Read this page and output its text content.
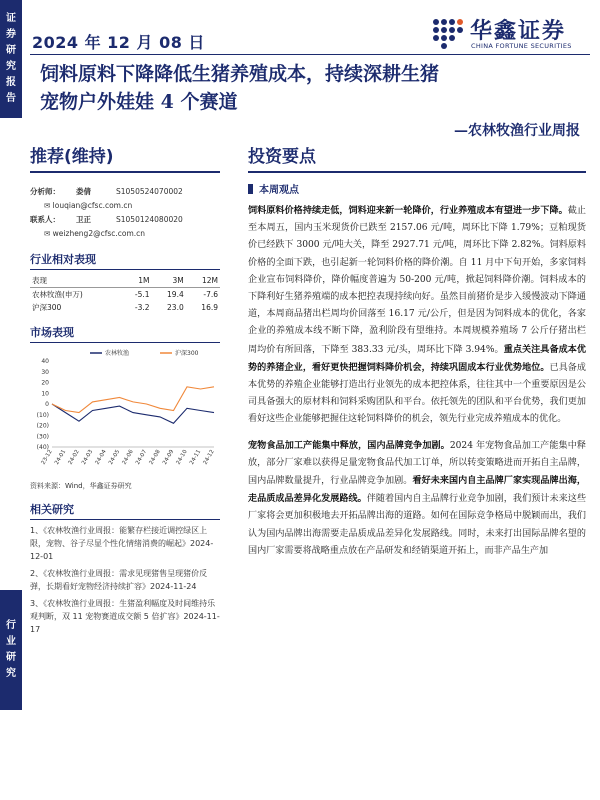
证
券
研
究
报
告
行
业
研
究
2024 年 12 月 08 日	华鑫证券
CHINA FORTUNE SECURITIES
饲料原料下降降低生猪养殖成本，持续深耕生猪
宠物户外娃娃 4 个赛道
—农林牧渔行业周报
推荐(维持)
分析师：	娄倩	S1050524070002
✉ louqian@cfsc.com.cn
联系人：	卫正	S1050124080020
✉ weizheng2@cfsc.com.cn
行业相对表现
表现	1M	3M	12M
农林牧渔(申万)	-5.1	19.4	-7.6
沪深300	-3.2	23.0	16.9
市场表现
(40)
(30)
(20)
(10)
0
10
20
30
40
23-12 24-01 24-02 24-03 24-04 24-05 24-06 24-07 24-08 24-09 24-10 24-11 24-12
农林牧渔	沪深300
资料来源：Wind，华鑫证券研究
相关研究

1、《农林牧渔行业周报：能繁存栏接近调控绿区上限，宠物、谷子尽显个性化情绪消费的崛起》2024-12-01

2、《农林牧渔行业周报：需求见现猪售呈现猪价反弹，长期看好宠物经济持续扩容》2024-11-24

3、《农林牧渔行业周报：生猪盈利幅度及时间维持乐观判断，双 11 宠物赛道成交额 5 倍扩容》2024-11-17

投资要点
本周观点

饲料原料价格持续走低，饲料迎来新一轮降价，行业养殖成本有望进一步下降。截止至本周五，国内玉米现货价已跌至 2157.06 元/吨，周环比下降 1.79%；豆粕现货价已经跌下 3000 元/吨大关，降至 2927.71 元/吨，周环比下降 2.82%。饲料原料价格的全面下跌，也引起新一轮饲料价格的降价潮。自 11 月中下旬开始，多家饲料企业宣布饲料降价，降价幅度普遍为 50-200 元/吨，掀起饲料降价潮。饲料成本的下降利好生猪养殖端的成本把控表现持续向好。虽然目前猪价是步入缓慢波动下降通道，本周商品猪出栏周均价回落至 16.17 元/公斤，但是因为饲料成本的优化，各家企业的养殖成本线不断下降，盈利阶段有望维持。本周规模养殖场 7 公斤仔猪出栏周均价有所回落，下降至 383.33 元/头，周环比下降 3.94%。重点关注具备成本优势的养猪企业，看好更快把握饲料降价机会，持续巩固成本行业优势地位。已具备成本优势的养殖企业能够打造出行业领先的成本把控体系，往往其中一个重要原因是公司具备强大的原材料和饲料采购团队和平台。依托领先的团队和平台优势，我们更加看好这些企业能够把握住这轮饲料降价的机会，领先行业完成养殖成本的优化。

宠物食品加工产能集中释放，国内品牌竞争加剧。2024 年宠物食品加工产能集中释放，部分厂家难以获得足量宠物食品代加工订单，所以转变策略进而开拓自主品牌，国内品牌数量提升，行业品牌竞争加剧。看好未来国内自主品牌厂家实现品牌出海，走品质成品差异化发展路线。伴随着国内自主品牌行业竞争加剧，我们预计未来这些厂家将会更加积极地去开拓品牌出海的道路。如何在国际竞争格局中脱颖而出，我们认为国内品牌出海需要走品质成品差异化发展路线。同时，未来打出国际品牌名望的国内厂家需要将战略重点放在产品研发和经销渠道开拓上，而非产品生产加
